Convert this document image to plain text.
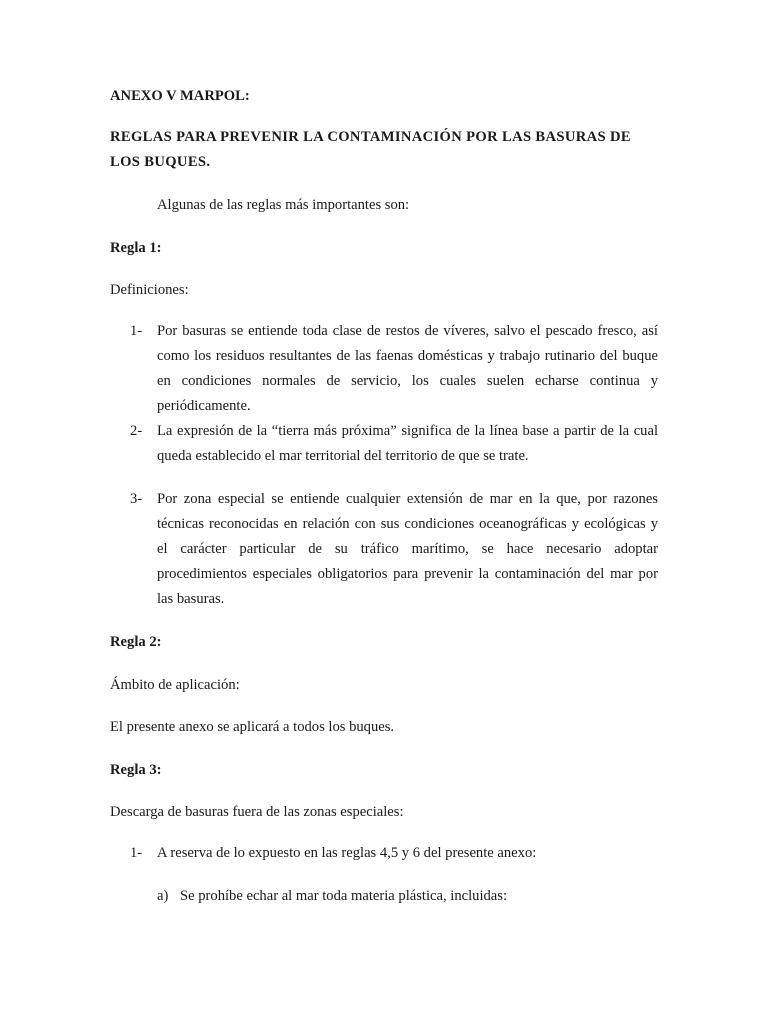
ANEXO V MARPOL:
REGLAS PARA PREVENIR LA CONTAMINACIÓN POR LAS BASURAS DE
LOS BUQUES.
Algunas de las reglas más importantes son:
Regla 1:
Definiciones:
1- Por basuras se entiende toda clase de restos de víveres, salvo el pescado fresco, así como los residuos resultantes de las faenas domésticas y trabajo rutinario del buque en condiciones normales de servicio, los cuales suelen echarse continua y periódicamente.
2- La expresión de la “tierra más próxima” significa de la línea base a partir de la cual queda establecido el mar territorial del territorio de que se trate.
3- Por zona especial se entiende cualquier extensión de mar en la que, por razones técnicas reconocidas en relación con sus condiciones oceanográficas y ecológicas y el carácter particular de su tráfico marítimo, se hace necesario adoptar procedimientos especiales obligatorios para prevenir la contaminación del mar por las basuras.
Regla 2:
Ámbito de aplicación:
El presente anexo se aplicará a todos los buques.
Regla 3:
Descarga de basuras fuera de las zonas especiales:
1- A reserva de lo expuesto en las reglas 4,5 y 6 del presente anexo:
a) Se prohíbe echar al mar toda materia plástica, incluidas:
